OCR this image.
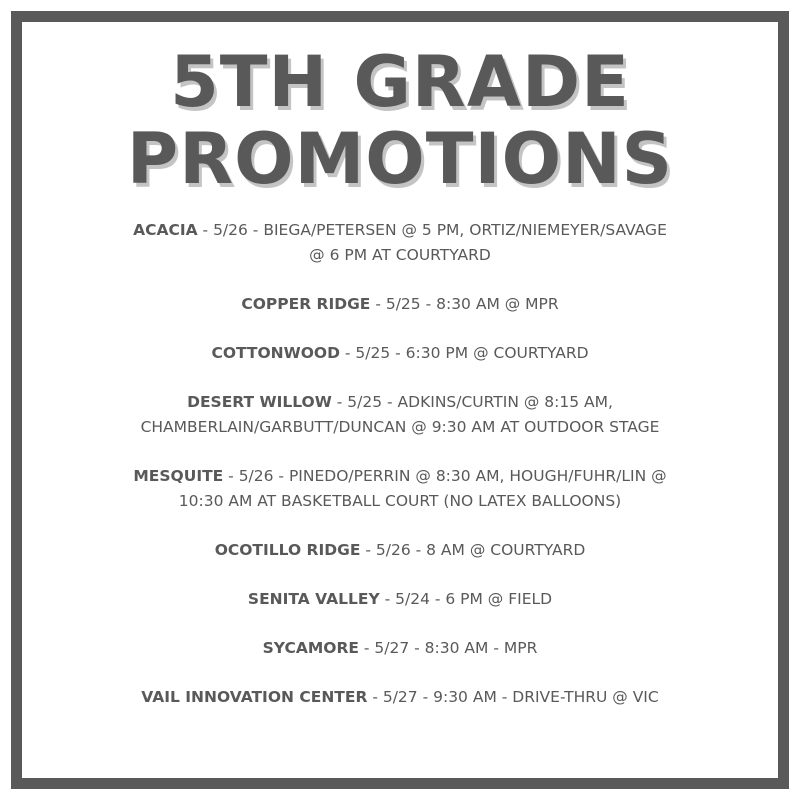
5TH GRADE
PROMOTIONS
ACACIA - 5/26 - BIEGA/PETERSEN @ 5 PM, ORTIZ/NIEMEYER/SAVAGE
@ 6 PM AT COURTYARD
COPPER RIDGE - 5/25 - 8:30 AM @ MPR
COTTONWOOD - 5/25 - 6:30 PM @ COURTYARD
DESERT WILLOW - 5/25 - ADKINS/CURTIN @ 8:15 AM,
CHAMBERLAIN/GARBUTT/DUNCAN @ 9:30 AM AT OUTDOOR STAGE
MESQUITE - 5/26 - PINEDO/PERRIN @ 8:30 AM, HOUGH/FUHR/LIN @
10:30 AM AT BASKETBALL COURT (NO LATEX BALLOONS)
OCOTILLO RIDGE - 5/26 - 8 AM @ COURTYARD
SENITA VALLEY - 5/24 - 6 PM @ FIELD
SYCAMORE - 5/27 - 8:30 AM - MPR
VAIL INNOVATION CENTER - 5/27 - 9:30 AM - DRIVE-THRU @ VIC
